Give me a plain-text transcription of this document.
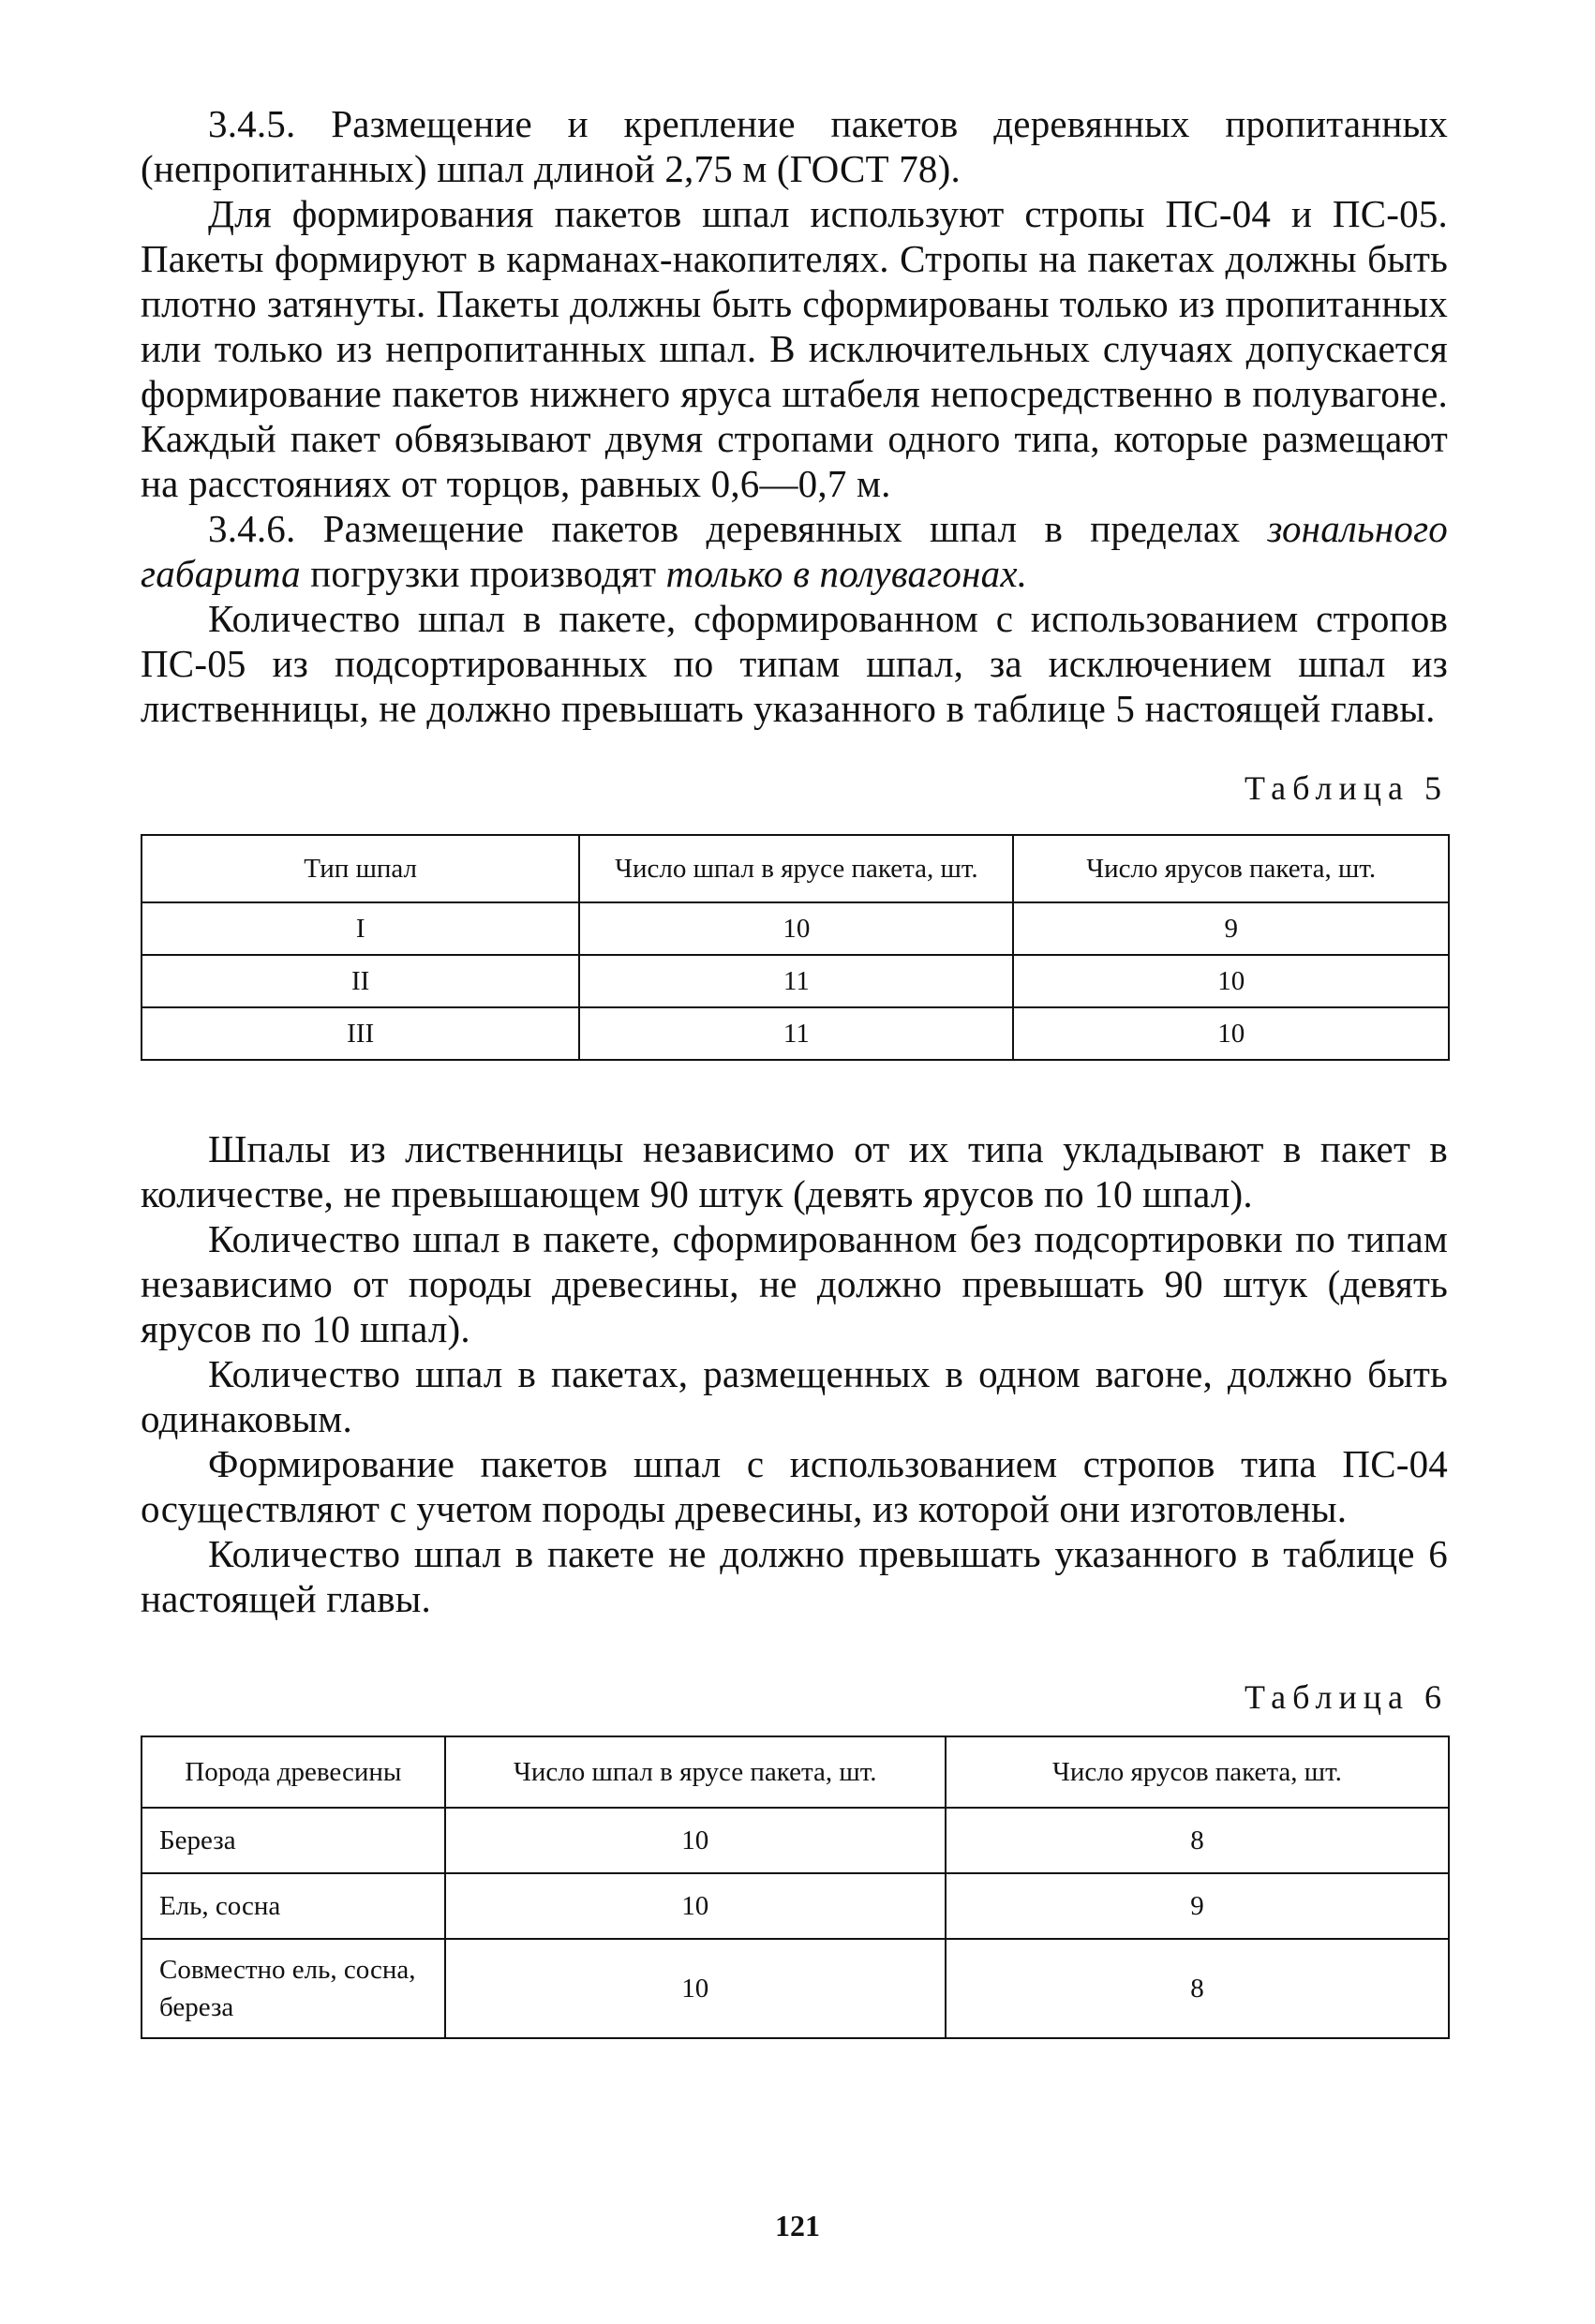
3.4.5. Размещение и крепление пакетов деревянных пропитанных (непропитанных) шпал длиной 2,75 м (ГОСТ 78).

Для формирования пакетов шпал используют стропы ПС-04 и ПС-05. Пакеты формируют в карманах-накопителях. Стропы на пакетах должны быть плотно затянуты. Пакеты должны быть сформированы только из пропитанных или только из непропитанных шпал. В исключительных случаях допускается формирование пакетов нижнего яруса штабеля непосредственно в полувагоне. Каждый пакет обвязывают двумя стропами одного типа, которые размещают на расстояниях от торцов, равных 0,6—0,7 м.

3.4.6. Размещение пакетов деревянных шпал в пределах зонального габарита погрузки производят только в полувагонах.

Количество шпал в пакете, сформированном с использованием стропов ПС-05 из подсортированных по типам шпал, за исключением шпал из лиственницы, не должно превышать указанного в таблице 5 настоящей главы.

Таблица 5
Тип шпал	Число шпал в ярусе пакета, шт.	Число ярусов пакета, шт.
I	10	9
II	11	10
III	11	10

Шпалы из лиственницы независимо от их типа укладывают в пакет в количестве, не превышающем 90 штук (девять ярусов по 10 шпал).

Количество шпал в пакете, сформированном без подсортировки по типам независимо от породы древесины, не должно превышать 90 штук (девять ярусов по 10 шпал).

Количество шпал в пакетах, размещенных в одном вагоне, должно быть одинаковым.

Формирование пакетов шпал с использованием стропов типа ПС-04 осуществляют с учетом породы древесины, из которой они изготовлены.

Количество шпал в пакете не должно превышать указанного в таблице 6 настоящей главы.

Таблица 6
Порода древесины	Число шпал в ярусе пакета, шт.	Число ярусов пакета, шт.
Береза	10	8
Ель, сосна	10	9
Совместно ель, сосна, береза	10	8
121
